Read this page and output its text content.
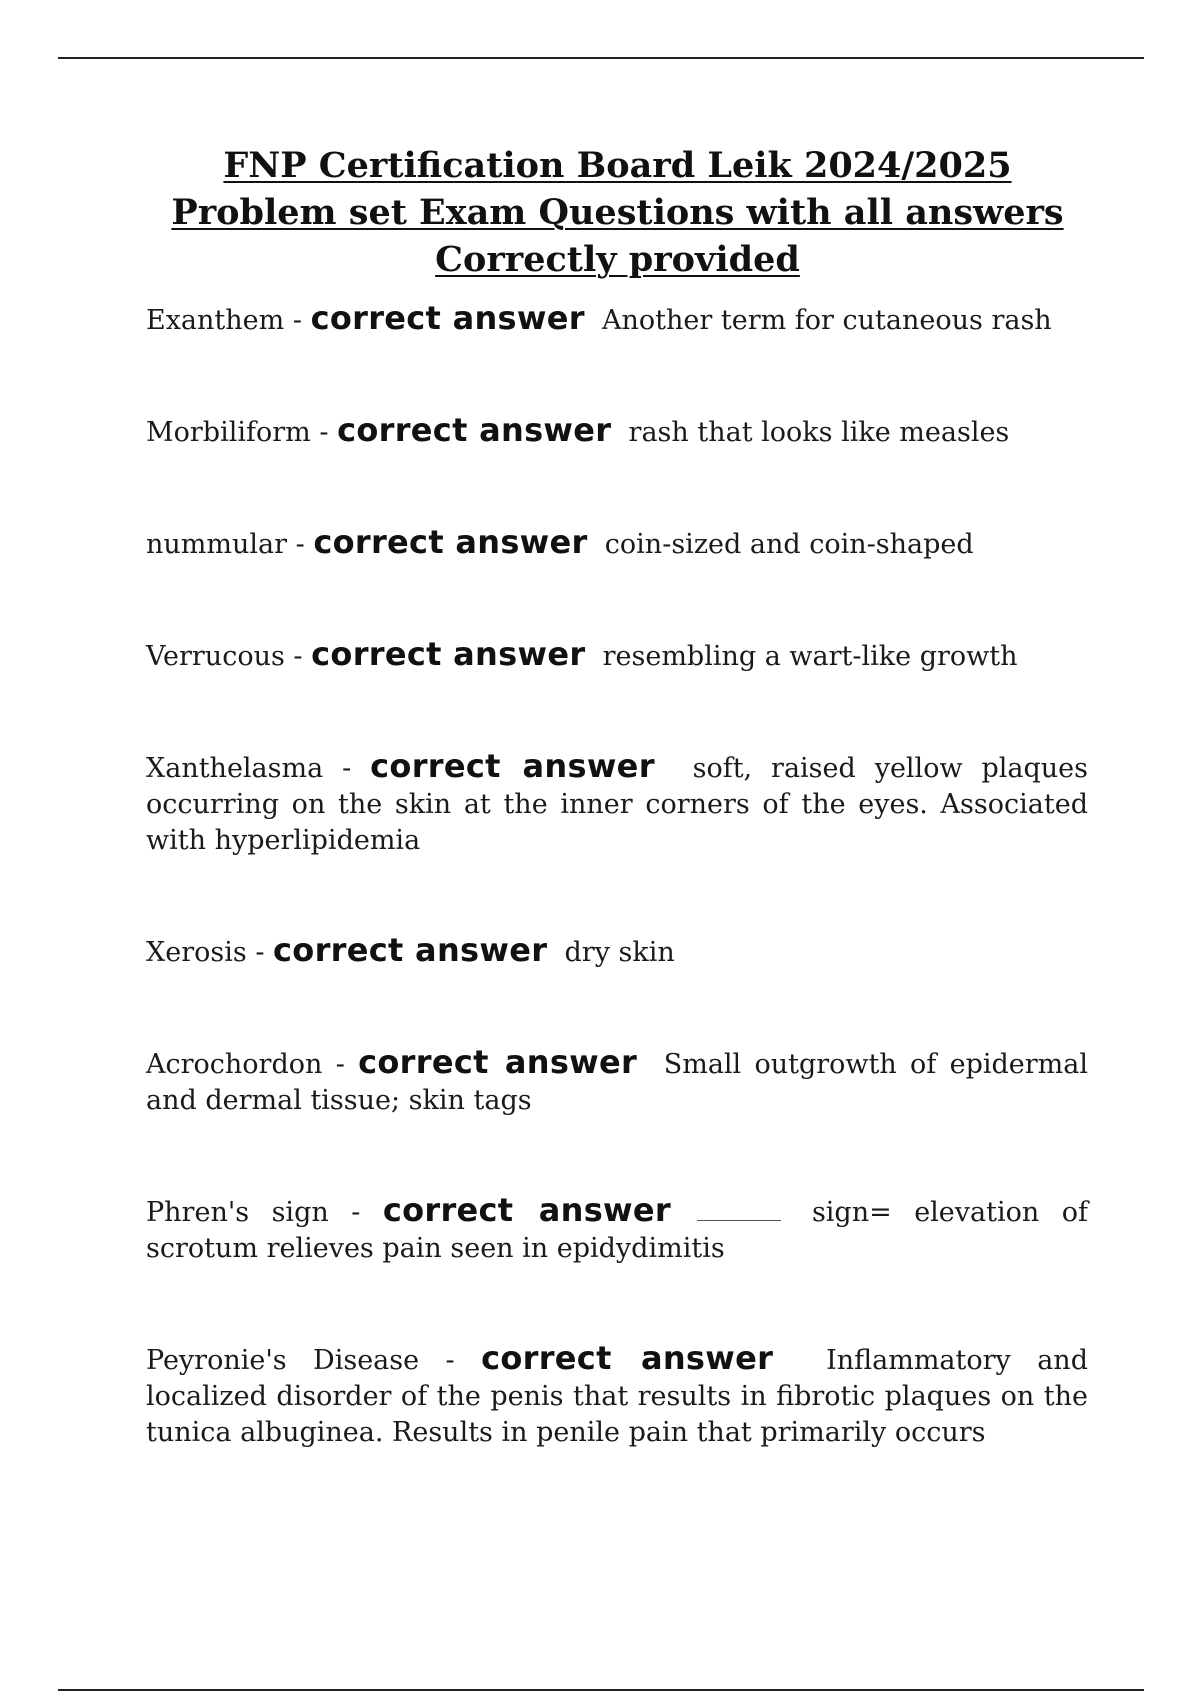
FNP Certification Board Leik 2024/2025 Problem set Exam Questions with all answers Correctly provided

Exanthem - correct answer Another term for cutaneous rash

Morbiliform - correct answer rash that looks like measles

nummular - correct answer coin-sized and coin-shaped

Verrucous - correct answer resembling a wart-like growth

Xanthelasma - correct answer soft, raised yellow plaques occurring on the skin at the inner corners of the eyes. Associated with hyperlipidemia

Xerosis - correct answer dry skin

Acrochordon - correct answer Small outgrowth of epidermal and dermal tissue; skin tags

Phren's sign - correct answer	sign= elevation of scrotum relieves pain seen in epidydimitis

Peyronie's Disease - correct answer Inflammatory and localized disorder of the penis that results in fibrotic plaques on the tunica albuginea. Results in penile pain that primarily occurs
